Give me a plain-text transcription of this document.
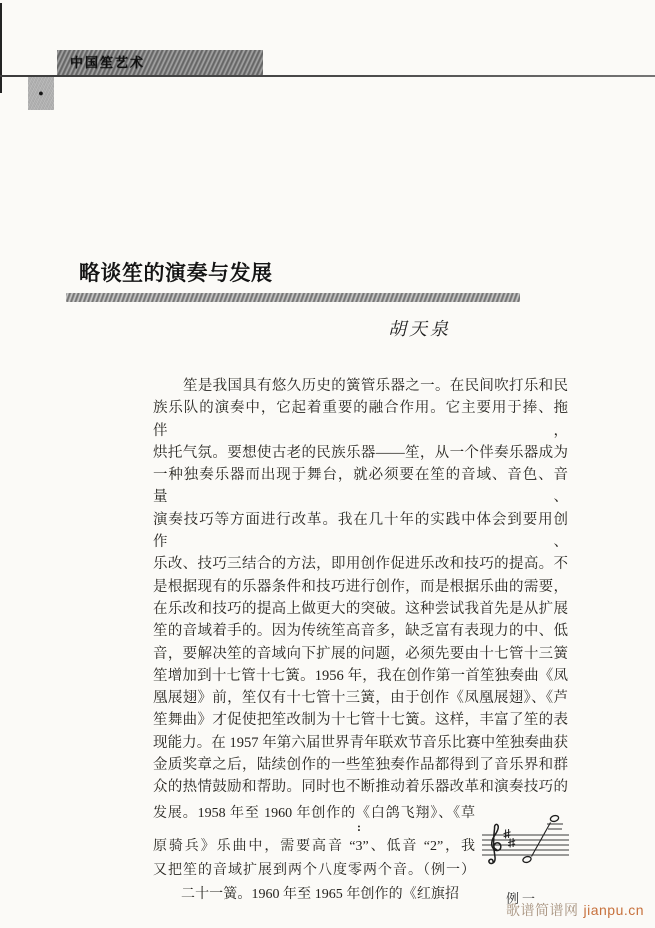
中国笙艺术
●
略谈笙的演奏与发展
胡天泉
笙是我国具有悠久历史的簧管乐器之一。在民间吹打乐和民
族乐队的演奏中，它起着重要的融合作用。它主要用于捧、拖伴，
烘托气氛。要想使古老的民族乐器——笙，从一个伴奏乐器成为
一种独奏乐器而出现于舞台，就必须要在笙的音域、音色、音量、
演奏技巧等方面进行改革。我在几十年的实践中体会到要用创作、
乐改、技巧三结合的方法，即用创作促进乐改和技巧的提高。不
是根据现有的乐器条件和技巧进行创作，而是根据乐曲的需要，
在乐改和技巧的提高上做更大的突破。这种尝试我首先是从扩展
笙的音域着手的。因为传统笙高音多，缺乏富有表现力的中、低
音，要解决笙的音域向下扩展的问题，必须先要由十七管十三簧
笙增加到十七管十七簧。1956 年，我在创作第一首笙独奏曲《凤
凰展翅》前，笙仅有十七管十三簧，由于创作《凤凰展翅》、《芦
笙舞曲》才促使把笙改制为十七管十七簧。这样，丰富了笙的表
现能力。在 1957 年第六届世界青年联欢节音乐比赛中笙独奏曲获
金质奖章之后，陆续创作的一些笙独奏作品都得到了音乐界和群
众的热情鼓励和帮助。同时也不断推动着乐器改革和演奏技巧的
发展。1958 年至 1960 年创作的《白鸽飞翔》、《草
原骑兵》乐曲中，需要高音 “
:
3”、低音 “2”，我
又把笙的音域扩展到两个八度零两个音。（例一）
二十一簧。1960 年至 1965 年创作的《红旗招	例一
歌谱简谱网 jianpu.cn
